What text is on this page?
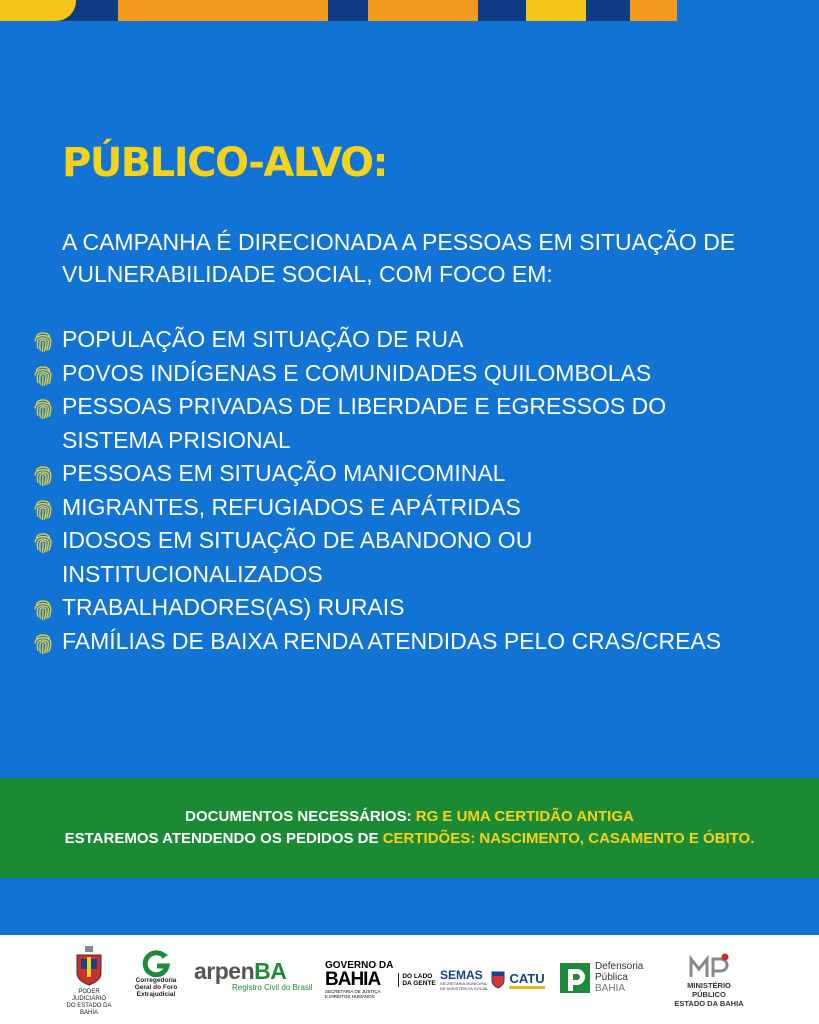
PÚBLICO-ALVO:

A CAMPANHA É DIRECIONADA A PESSOAS EM SITUAÇÃO DE
VULNERABILIDADE SOCIAL, COM FOCO EM:

POPULAÇÃO EM SITUAÇÃO DE RUA
POVOS INDÍGENAS E COMUNIDADES QUILOMBOLAS
PESSOAS PRIVADAS DE LIBERDADE E EGRESSOS DO
SISTEMA PRISIONAL
PESSOAS EM SITUAÇÃO MANICOMINAL
MIGRANTES, REFUGIADOS E APÁTRIDAS
IDOSOS EM SITUAÇÃO DE ABANDONO OU
INSTITUCIONALIZADOS
TRABALHADORES(AS) RURAIS
FAMÍLIAS DE BAIXA RENDA ATENDIDAS PELO CRAS/CREAS
DOCUMENTOS NECESSÁRIOS: RG E UMA CERTIDÃO ANTIGA
ESTAREMOS ATENDENDO OS PEDIDOS DE CERTIDÕES: NASCIMENTO, CASAMENTO E ÓBITO.
PODER JUDICIÁRIO
DO ESTADO DA BAHIA
Corregedoria
Geral do Foro
Extrajudicial
arpenBA
Registro Civil do Brasil
GOVERNO DA
BAHIA
SECRETARIA DE JUSTIÇA
E DIREITOS HUMANOS
DO LADO
DA GENTE
SEMAS
SECRETARIA MUNICIPAL
DE ASSISTÊNCIA SOCIAL
CATU
Defensoria
Pública
BAHIA	MINISTÉRIO PÚBLICO
ESTADO DA BAHIA
